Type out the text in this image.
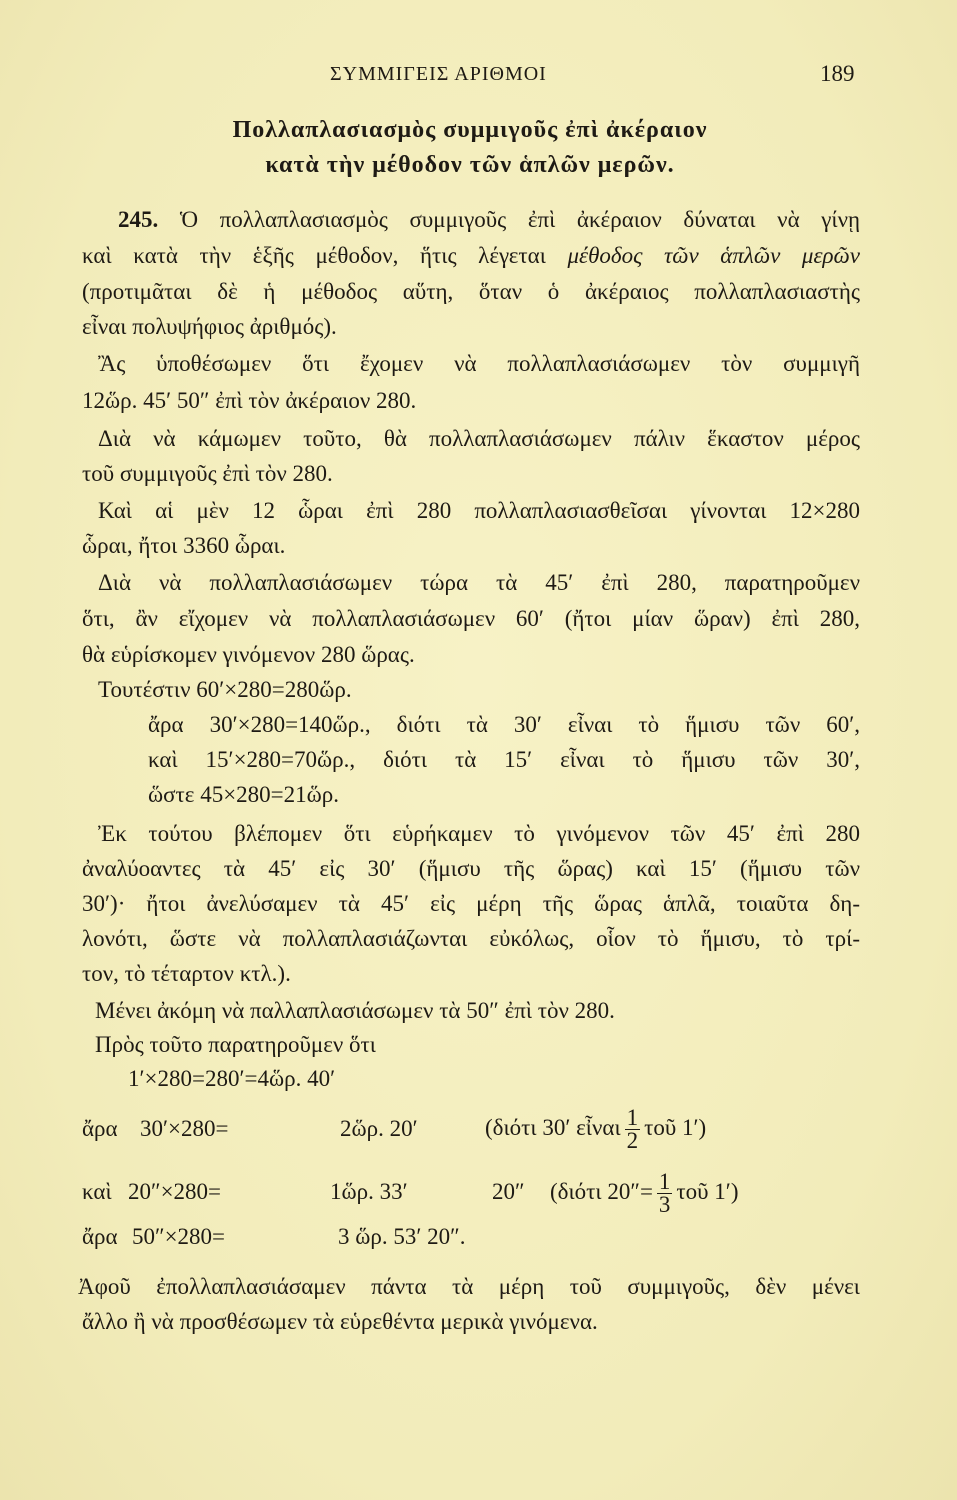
ΣΥΜΜΙΓΕΙΣ ΑΡΙΘΜΟΙ	189
Πολλαπλασιασμὸς συμμιγοῦς ἐπὶ ἀκέραιον
κατὰ τὴν μέθοδον τῶν ἁπλῶν μερῶν.
245. Ὁ πολλαπλασιασμὸς συμμιγοῦς ἐπὶ ἀκέραιον δύναται νὰ γίνῃ
καὶ κατὰ τὴν ἑξῆς μέθοδον, ἥτις λέγεται μέθοδος τῶν ἁπλῶν μερῶν
(προτιμᾶται δὲ ἡ μέθοδος αὕτη, ὅταν ὁ ἀκέραιος πολλαπλασιαστὴς
εἶναι πολυψήφιος ἀριθμός).
Ἂς ὑποθέσωμεν ὅτι ἔχομεν νὰ πολλαπλασιάσωμεν τὸν συμμιγῆ
12ὥρ. 45′ 50″ ἐπὶ τὸν ἀκέραιον 280.
Διὰ νὰ κάμωμεν τοῦτο, θὰ πολλαπλασιάσωμεν πάλιν ἕκαστον μέρος
τοῦ συμμιγοῦς ἐπὶ τὸν 280.
Καὶ αἱ μὲν 12 ὧραι ἐπὶ 280 πολλαπλασιασθεῖσαι γίνονται 12×280
ὧραι, ἤτοι 3360 ὧραι.
Διὰ νὰ πολλαπλασιάσωμεν τώρα τὰ 45′ ἐπὶ 280, παρατηροῦμεν
ὅτι, ἂν εἴχομεν νὰ πολλαπλασιάσωμεν 60′ (ἤτοι μίαν ὥραν) ἐπὶ 280,
θὰ εὑρίσκομεν γινόμενον 280 ὥρας.
Τουτέστιν 60′×280=280ὥρ.
ἄρα 30′×280=140ὥρ., διότι τὰ 30′ εἶναι τὸ ἥμισυ τῶν 60′,
καὶ 15′×280=70ὥρ., διότι τὰ 15′ εἶναι τὸ ἥμισυ τῶν 30′,
ὥστε 45×280=21ὥρ.
Ἐκ τούτου βλέπομεν ὅτι εὑρήκαμεν τὸ γινόμενον τῶν 45′ ἐπὶ 280
ἀναλύοαντες τὰ 45′ εἰς 30′ (ἥμισυ τῆς ὥρας) καὶ 15′ (ἥμισυ τῶν
30′)· ἤτοι ἀνελύσαμεν τὰ 45′ εἰς μέρη τῆς ὥρας ἁπλᾶ, τοιαῦτα δη-
λονότι, ὥστε νὰ πολλαπλασιάζωνται εὐκόλως, οἷον τὸ ἥμισυ, τὸ τρί-
τον, τὸ τέταρτον κτλ.).
Μένει ἀκόμη νὰ παλλαπλασιάσωμεν τὰ 50″ ἐπὶ τὸν 280.
Πρὸς τοῦτο παρατηροῦμεν ὅτι
1′×280=280′=4ὥρ. 40′
ἄρα 30′×280=	2ὥρ. 20′	(διότι 30′ εἶναι $\frac{1}{2}$ τοῦ 1′)
καὶ 20″×280=	1ὥρ. 33′	20″ (διότι $20''= \frac{1}{3}$ τοῦ 1′)
ἄρα 50″×280=	3 ὥρ. 53′ 20″.
Ἀφοῦ ἐπολλαπλασιάσαμεν πάντα τὰ μέρη τοῦ συμμιγοῦς, δὲν μένει
ἄλλο ἢ νὰ προσθέσωμεν τὰ εὑρεθέντα μερικὰ γινόμενα.
